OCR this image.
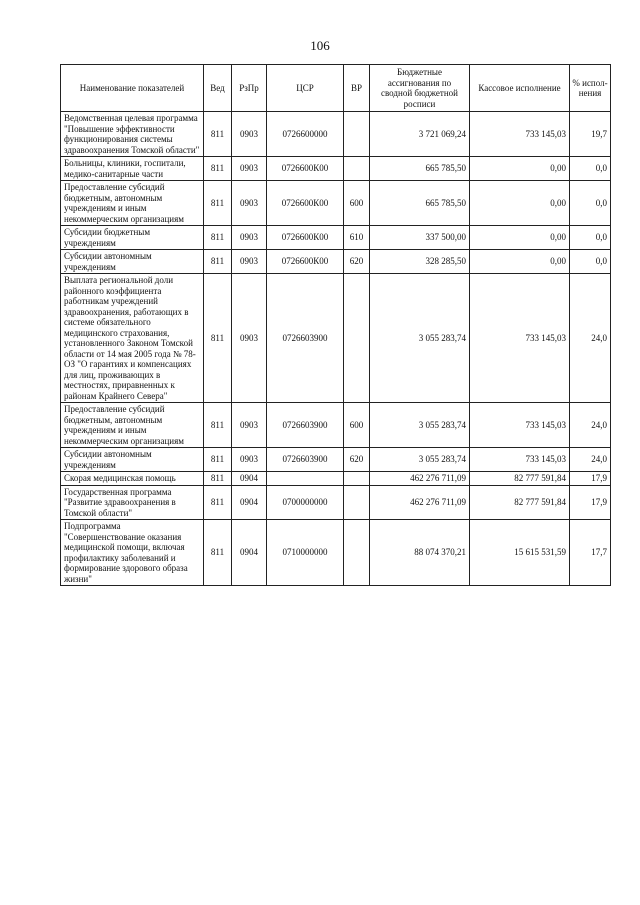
106
Наименование показателей	Вед	РзПр	ЦСР	ВР	Бюджетные ассигнования по сводной бюджетной росписи	Кассовое исполнение	% испол-нения
Ведомственная целевая программа "Повышение эффективности функционирования системы здравоохранения Томской области"	811	0903	0726600000		3 721 069,24	733 145,03	19,7
Больницы, клиники, госпитали, медико-санитарные части	811	0903	0726600К00		665 785,50	0,00	0,0
Предоставление субсидий бюджетным, автономным учреждениям и иным некоммерческим организациям	811	0903	0726600К00	600	665 785,50	0,00	0,0
Субсидии бюджетным учреждениям	811	0903	0726600К00	610	337 500,00	0,00	0,0
Субсидии автономным учреждениям	811	0903	0726600К00	620	328 285,50	0,00	0,0
Выплата региональной доли районного коэффициента работникам учреждений здравоохранения, работающих в системе обязательного медицинского страхования, установленного Законом Томской области от 14 мая 2005 года № 78-ОЗ "О гарантиях и компенсациях для лиц, проживающих в местностях, приравненных к районам Крайнего Севера"	811	0903	0726603900		3 055 283,74	733 145,03	24,0
Предоставление субсидий бюджетным, автономным учреждениям и иным некоммерческим организациям	811	0903	0726603900	600	3 055 283,74	733 145,03	24,0
Субсидии автономным учреждениям	811	0903	0726603900	620	3 055 283,74	733 145,03	24,0
Скорая медицинская помощь	811	0904			462 276 711,09	82 777 591,84	17,9
Государственная программа "Развитие здравоохранения в Томской области"	811	0904	0700000000		462 276 711,09	82 777 591,84	17,9
Подпрограмма "Совершенствование оказания медицинской помощи, включая профилактику заболеваний и формирование здорового образа жизни"	811	0904	0710000000		88 074 370,21	15 615 531,59	17,7
